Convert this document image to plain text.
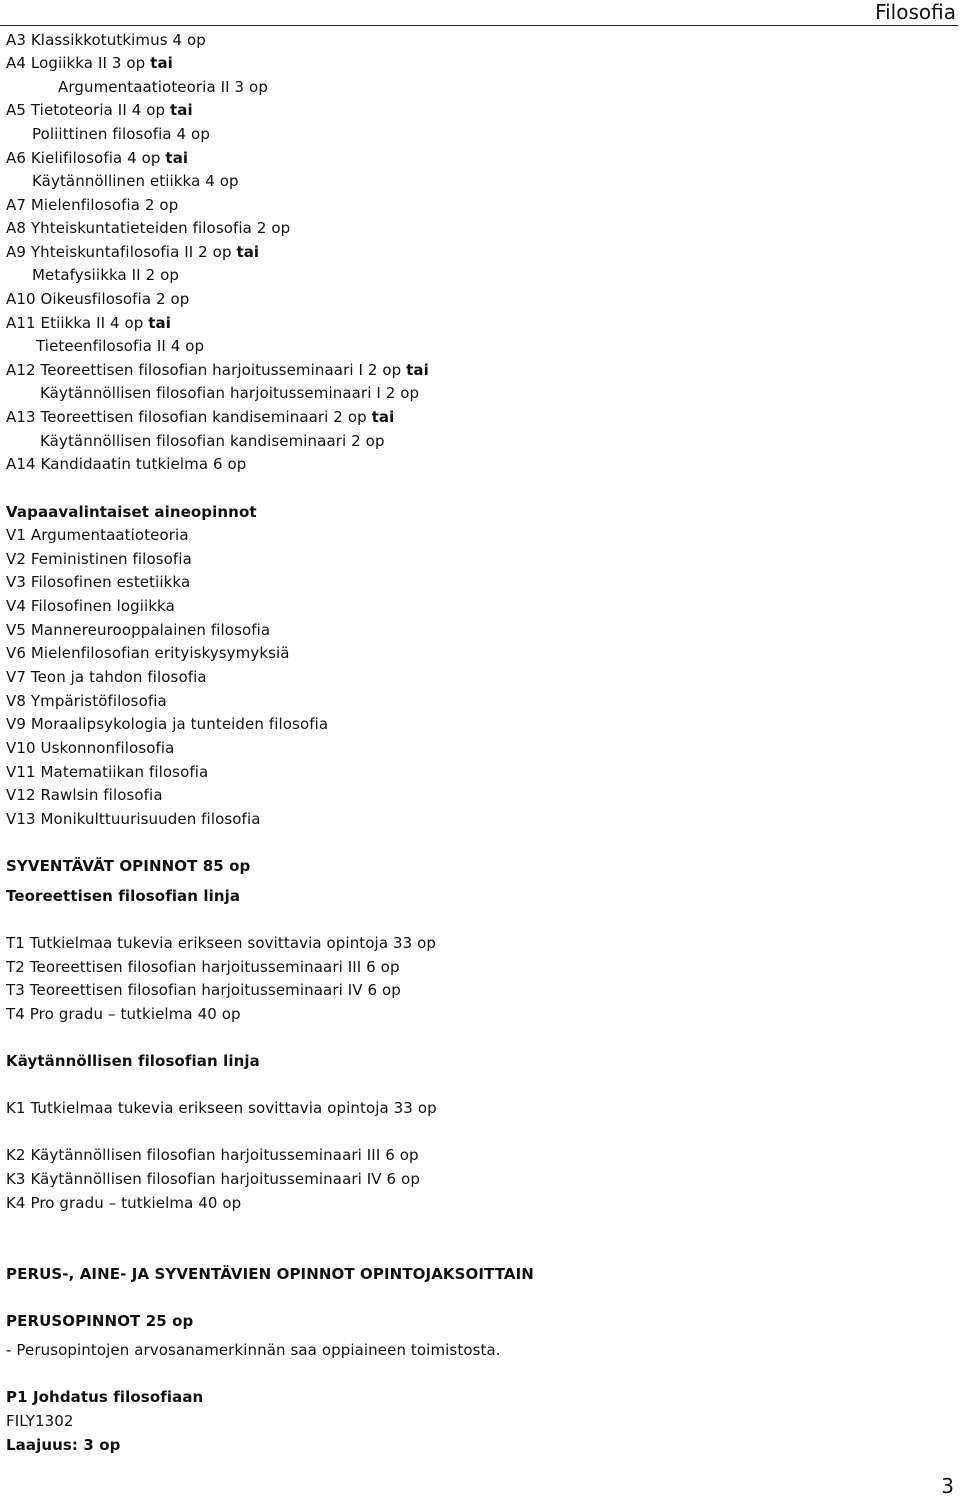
Filosofia
A3 Klassikkotutkimus 4 op
A4 Logiikka II 3 op tai
Argumentaatioteoria II 3 op
A5 Tietoteoria II 4 op tai
Poliittinen filosofia 4 op
A6 Kielifilosofia 4 op tai
Käytännöllinen etiikka 4 op
A7 Mielenfilosofia 2 op
A8 Yhteiskuntatieteiden filosofia 2 op
A9 Yhteiskuntafilosofia II 2 op tai
Metafysiikka II 2 op
A10 Oikeusfilosofia 2 op
A11 Etiikka II 4 op tai
Tieteenfilosofia II 4 op
A12 Teoreettisen filosofian harjoitusseminaari I 2 op tai
Käytännöllisen filosofian harjoitusseminaari I 2 op
A13 Teoreettisen filosofian kandiseminaari 2 op tai
Käytännöllisen filosofian kandiseminaari 2 op
A14 Kandidaatin tutkielma 6 op
Vapaavalintaiset aineopinnot
V1 Argumentaatioteoria
V2 Feministinen filosofia
V3 Filosofinen estetiikka
V4 Filosofinen logiikka
V5 Mannereurooppalainen filosofia
V6 Mielenfilosofian erityiskysymyksiä
V7 Teon ja tahdon filosofia
V8 Ympäristöfilosofia
V9 Moraalipsykologia ja tunteiden filosofia
V10 Uskonnonfilosofia
V11 Matematiikan filosofia
V12 Rawlsin filosofia
V13 Monikulttuurisuuden filosofia
SYVENTÄVÄT OPINNOT 85 op
Teoreettisen filosofian linja
T1 Tutkielmaa tukevia erikseen sovittavia opintoja 33 op
T2 Teoreettisen filosofian harjoitusseminaari III 6 op
T3 Teoreettisen filosofian harjoitusseminaari IV 6 op
T4 Pro gradu – tutkielma 40 op
Käytännöllisen filosofian linja
K1 Tutkielmaa tukevia erikseen sovittavia opintoja 33 op
K2 Käytännöllisen filosofian harjoitusseminaari III 6 op
K3 Käytännöllisen filosofian harjoitusseminaari IV 6 op
K4 Pro gradu – tutkielma 40 op
PERUS-, AINE- JA SYVENTÄVIEN OPINNOT OPINTOJAKSOITTAIN
PERUSOPINNOT 25 op
- Perusopintojen arvosanamerkinnän saa oppiaineen toimistosta.
P1 Johdatus filosofiaan
FILY1302
Laajuus: 3 op
3
